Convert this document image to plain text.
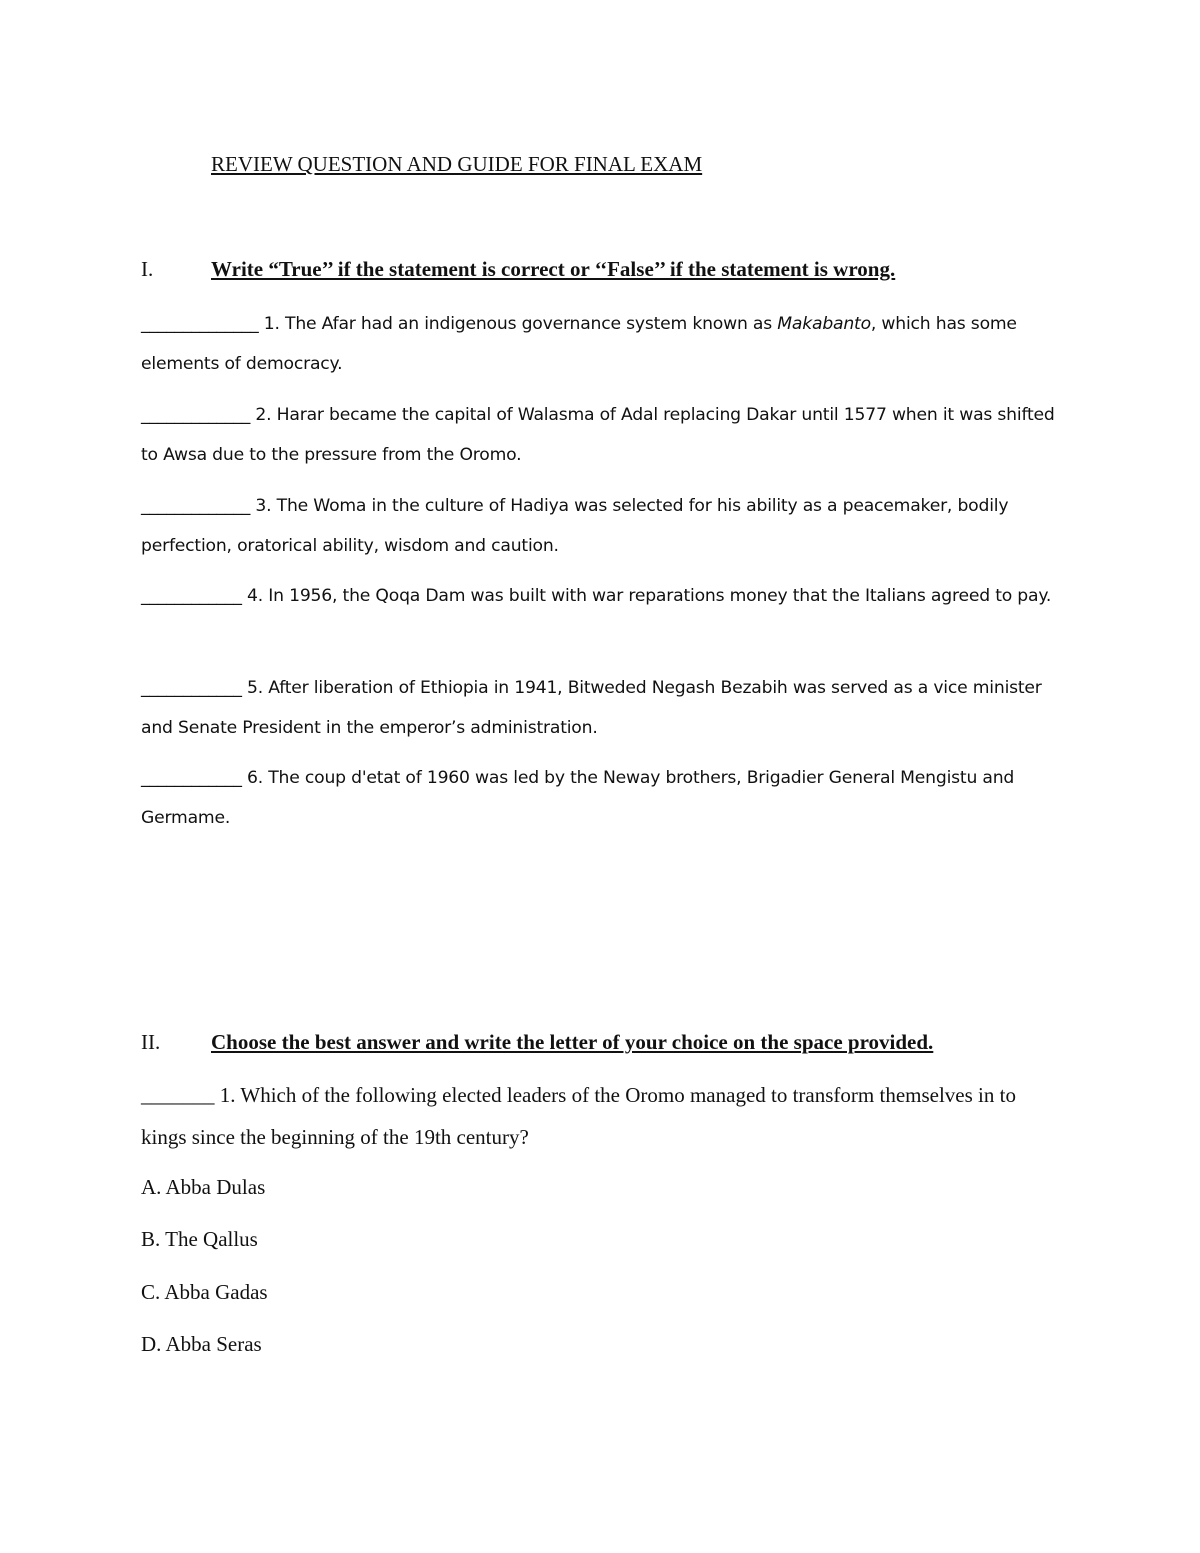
REVIEW QUESTION AND GUIDE FOR FINAL EXAM
I.	Write “True’’ if the statement is correct or ‘‘False’’ if the statement is wrong.
______________ 1. The Afar had an indigenous governance system known as Makabanto, which has some elements of democracy.
_____________ 2. Harar became the capital of Walasma of Adal replacing Dakar until 1577 when it was shifted to Awsa due to the pressure from the Oromo.
_____________ 3. The Woma in the culture of Hadiya was selected for his ability as a peacemaker, bodily perfection, oratorical ability, wisdom and caution.
____________ 4. In 1956, the Qoqa Dam was built with war reparations money that the Italians agreed to pay.
____________ 5. After liberation of Ethiopia in 1941, Bitweded Negash Bezabih was served as a vice minister and Senate President in the emperor’s administration.
____________ 6. The coup d'etat of 1960 was led by the Neway brothers, Brigadier General Mengistu and Germame.
II. Choose the best answer and write the letter of your choice on the space provided.
_______ 1. Which of the following elected leaders of the Oromo managed to transform themselves in to kings since the beginning of the 19th century?
A. Abba Dulas
B. The Qallus
C. Abba Gadas
D. Abba Seras
